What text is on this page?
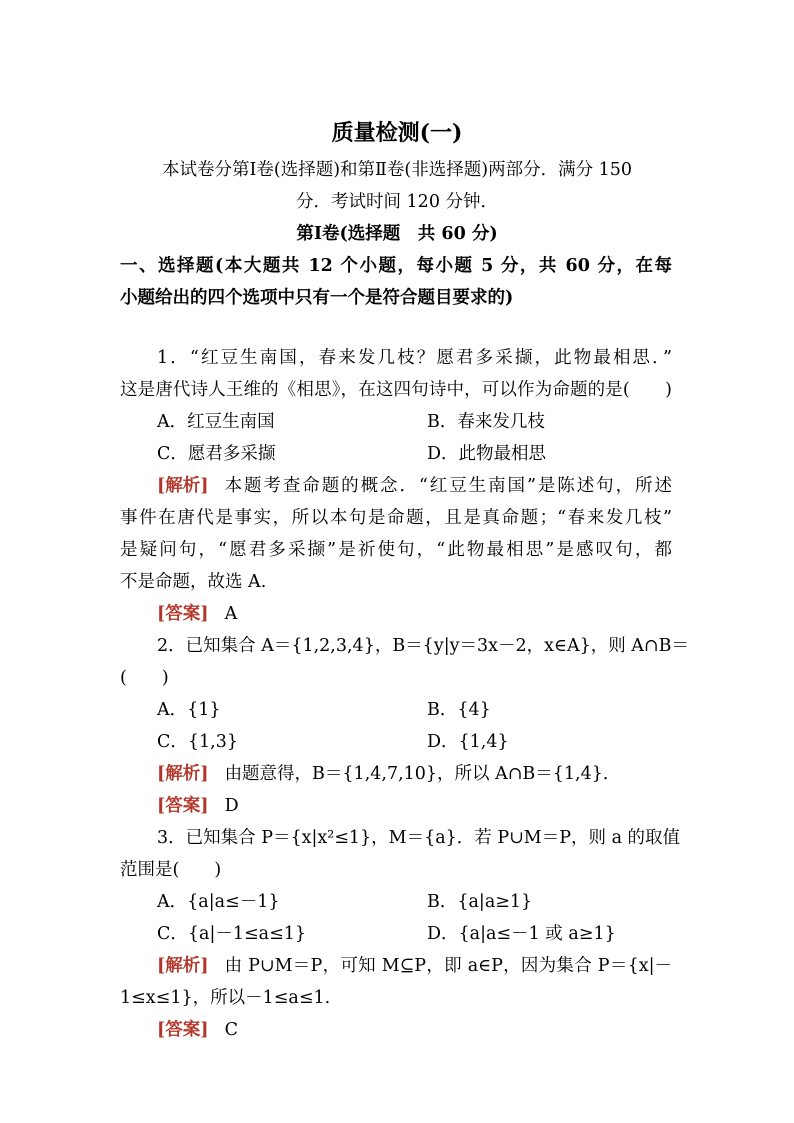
质量检测(一)
本试卷分第Ⅰ卷(选择题)和第Ⅱ卷(非选择题)两部分．满分 150
分．考试时间 120 分钟．
第Ⅰ卷(选择题　共 60 分)
一、选择题(本大题共 12 个小题，每小题 5 分，共 60 分，在每
小题给出的四个选项中只有一个是符合题目要求的)
1．“红豆生南国，春来发几枝？愿君多采撷，此物最相思．”
这是唐代诗人王维的《相思》，在这四句诗中，可以作为命题的是(　　)
A．红豆生南国	B．春来发几枝
C．愿君多采撷	D．此物最相思
[解析] 本题考查命题的概念．“红豆生南国”是陈述句，所述
事件在唐代是事实，所以本句是命题，且是真命题；“春来发几枝”
是疑问句，“愿君多采撷”是祈使句，“此物最相思”是感叹句，都
不是命题，故选 A.
[答案] A
2．已知集合 A＝{1,2,3,4}，B＝{y|y＝3x－2，x∈A}，则 A∩B＝
(　　)
A．{1}	B．{4}
C．{1,3}	D．{1,4}
[解析] 由题意得，B＝{1,4,7,10}，所以 A∩B＝{1,4}．
[答案] D
3．已知集合 P＝{x|x²≤1}，M＝{a}．若 P∪M＝P，则 a 的取值
范围是(　　)
A．{a|a≤－1}	B．{a|a≥1}
C．{a|－1≤a≤1}	D．{a|a≤－1 或 a≥1}
[解析] 由 P∪M＝P，可知 M⊆P，即 a∈P，因为集合 P＝{x|－
1≤x≤1}，所以－1≤a≤1.
[答案] C
